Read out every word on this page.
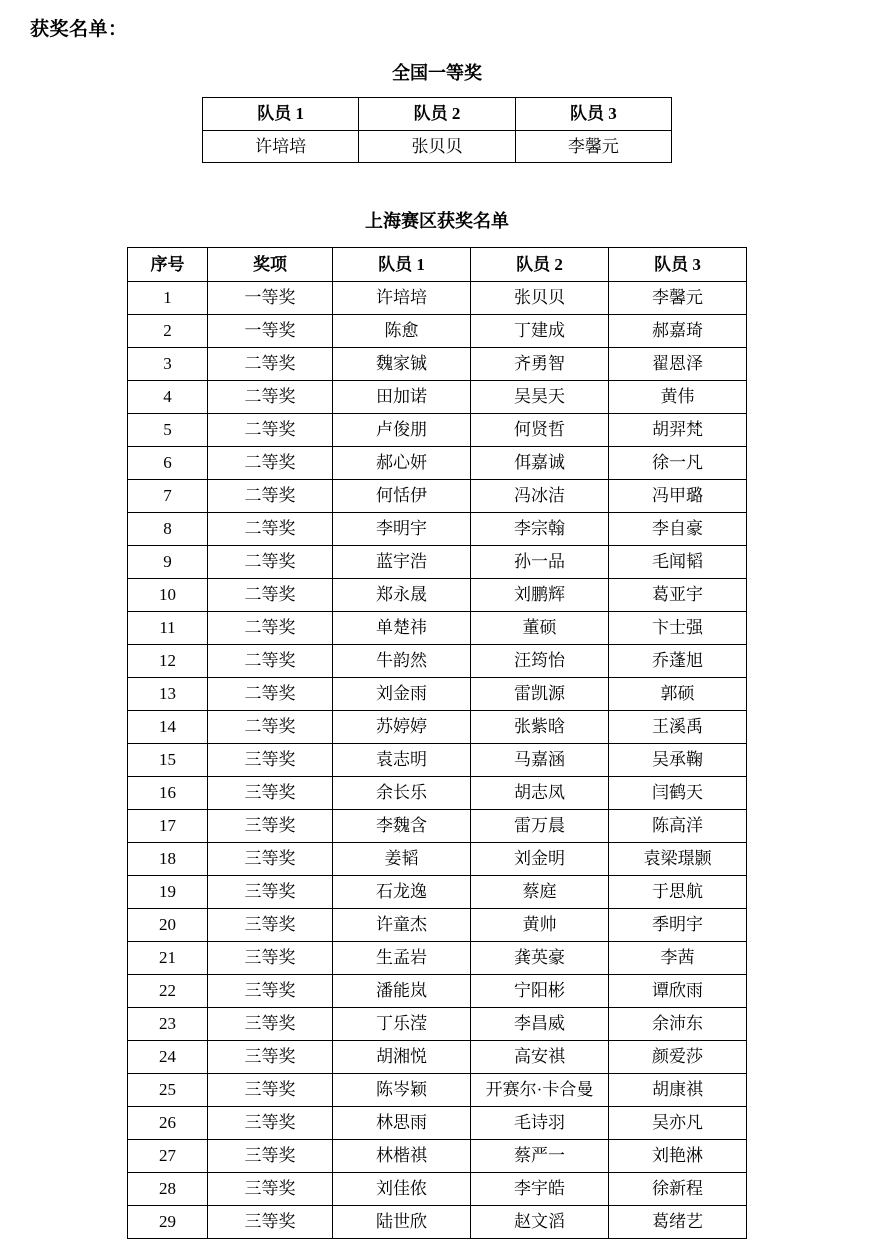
获奖名单：
全国一等奖
队员 1	队员 2	队员 3
许培培	张贝贝	李馨元
上海赛区获奖名单
序号	奖项	队员 1	队员 2	队员 3
1	一等奖	许培培	张贝贝	李馨元
2	一等奖	陈愈	丁建成	郝嘉琦
3	二等奖	魏家铖	齐勇智	翟恩泽
4	二等奖	田加诺	吴昊天	黄伟
5	二等奖	卢俊朋	何贤哲	胡羿梵
6	二等奖	郝心妍	佴嘉诚	徐一凡
7	二等奖	何恬伊	冯冰洁	冯甲璐
8	二等奖	李明宇	李宗翰	李自豪
9	二等奖	蓝宇浩	孙一品	毛闻韬
10	二等奖	郑永晟	刘鹏辉	葛亚宇
11	二等奖	单楚祎	董硕	卞士强
12	二等奖	牛韵然	汪筠怡	乔蓬旭
13	二等奖	刘金雨	雷凯源	郭硕
14	二等奖	苏婷婷	张紫晗	王溪禹
15	三等奖	袁志明	马嘉涵	吴承鞠
16	三等奖	余长乐	胡志凤	闫鹤天
17	三等奖	李魏含	雷万晨	陈高洋
18	三等奖	姜韬	刘金明	袁梁璟颢
19	三等奖	石龙逸	蔡庭	于思航
20	三等奖	许童杰	黄帅	季明宇
21	三等奖	生孟岩	龚英豪	李茜
22	三等奖	潘能岚	宁阳彬	谭欣雨
23	三等奖	丁乐滢	李昌威	余沛东
24	三等奖	胡湘悦	高安祺	颜爱莎
25	三等奖	陈岑颖	开赛尔·卡合曼	胡康祺
26	三等奖	林思雨	毛诗羽	吴亦凡
27	三等奖	林楷祺	蔡严一	刘艳淋
28	三等奖	刘佳侬	李宇皓	徐新程
29	三等奖	陆世欣	赵文滔	葛绪艺
